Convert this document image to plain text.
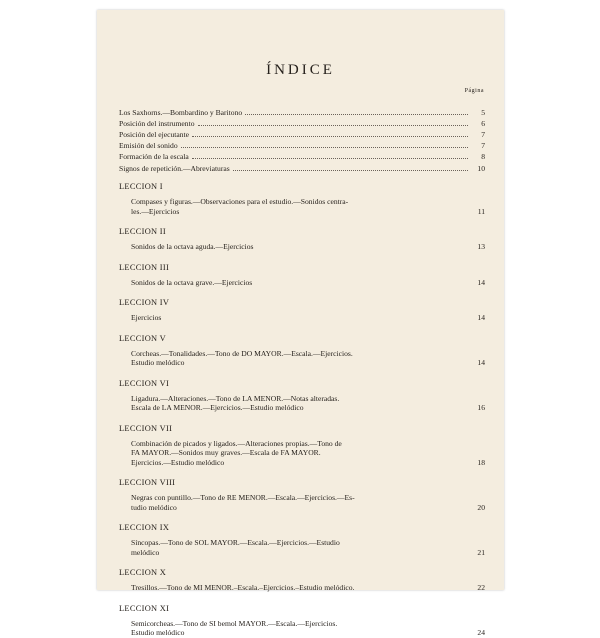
ÍNDICE
Página
Los Saxhorns.—Bombardino y Baritono	5
Posición del instrumento	6
Posición del ejecutante	7
Emisión del sonido	7
Formación de la escala	8
Signos de repetición.—Abreviaturas	10
LECCION I
Compases y figuras.—Observaciones para el estudio.—Sonidos centra-
les.—Ejercicios	11
LECCION II
Sonidos de la octava aguda.—Ejercicios	13
LECCION III
Sonidos de la octava grave.—Ejercicios	14
LECCION IV
Ejercicios	14
LECCION V
Corcheas.—Tonalidades.—Tono de DO MAYOR.—Escala.—Ejercicios.
Estudio melódico	14
LECCION VI
Ligadura.—Alteraciones.—Tono de LA MENOR.—Notas alteradas.
Escala de LA MENOR.—Ejercicios.—Estudio melódico	16
LECCION VII
Combinación de picados y ligados.—Alteraciones propias.—Tono de
FA MAYOR.—Sonidos muy graves.—Escala de FA MAYOR.
Ejercicios.—Estudio melódico	18
LECCION VIII
Negras con puntillo.—Tono de RE MENOR.—Escala.—Ejercicios.—Es-
tudio melódico	20
LECCION IX
Síncopas.—Tono de SOL MAYOR.—Escala.—Ejercicios.—Estudio
melódico	21
LECCION X
Tresillos.—Tono de MI MENOR.–Escala.–Ejercicios.–Estudio melódico.	22
LECCION XI
Semicorcheas.—Tono de SI bemol MAYOR.—Escala.—Ejercicios.
Estudio melódico	24
